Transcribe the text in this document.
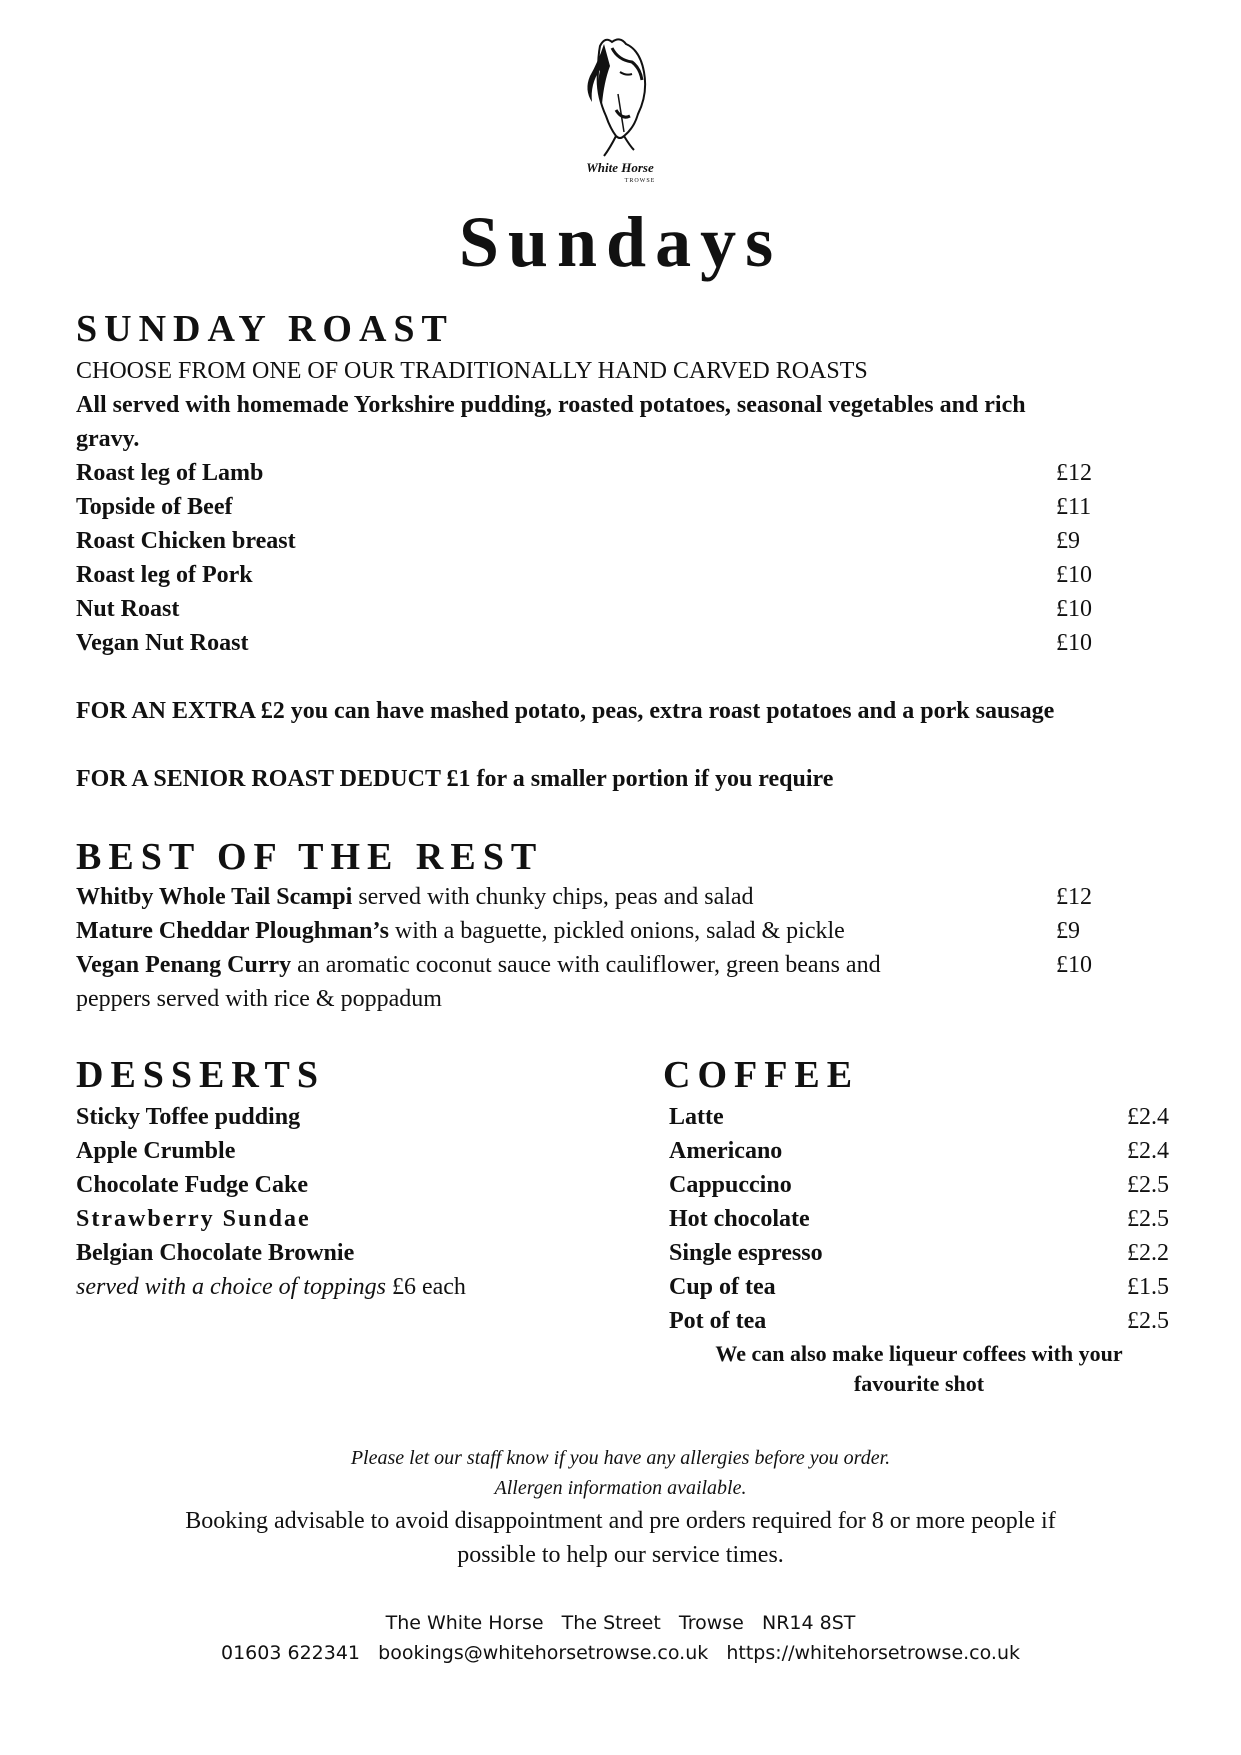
White Horse
TROWSE
Sundays
SUNDAY ROAST
CHOOSE FROM ONE OF OUR TRADITIONALLY HAND CARVED ROASTS
All served with homemade Yorkshire pudding, roasted potatoes, seasonal vegetables and rich
gravy.
Roast leg of Lamb	£12
Topside of Beef	£11
Roast Chicken breast	£9
Roast leg of Pork	£10
Nut Roast	£10
Vegan Nut Roast	£10
FOR AN EXTRA £2 you can have mashed potato, peas, extra roast potatoes and a pork sausage
FOR A SENIOR ROAST DEDUCT £1 for a smaller portion if you require
BEST OF THE REST
Whitby Whole Tail Scampi served with chunky chips, peas and salad	£12
Mature Cheddar Ploughman’s with a baguette, pickled onions, salad & pickle	£9
Vegan Penang Curry an aromatic coconut sauce with cauliflower, green beans and	£10
peppers served with rice & poppadum
DESSERTS
Sticky Toffee pudding
Apple Crumble
Chocolate Fudge Cake
Strawberry Sundae
Belgian Chocolate Brownie
served with a choice of toppings £6 each
COFFEE
Latte	£2.4
Americano	£2.4
Cappuccino	£2.5
Hot chocolate	£2.5
Single espresso	£2.2
Cup of tea	£1.5
Pot of tea	£2.5
We can also make liqueur coffees with your
favourite shot
Please let our staff know if you have any allergies before you order.
Allergen information available.
Booking advisable to avoid disappointment and pre orders required for 8 or more people if
possible to help our service times.
The White Horse   The Street   Trowse   NR14 8ST
01603 622341   bookings@whitehorsetrowse.co.uk   https://whitehorsetrowse.co.uk
